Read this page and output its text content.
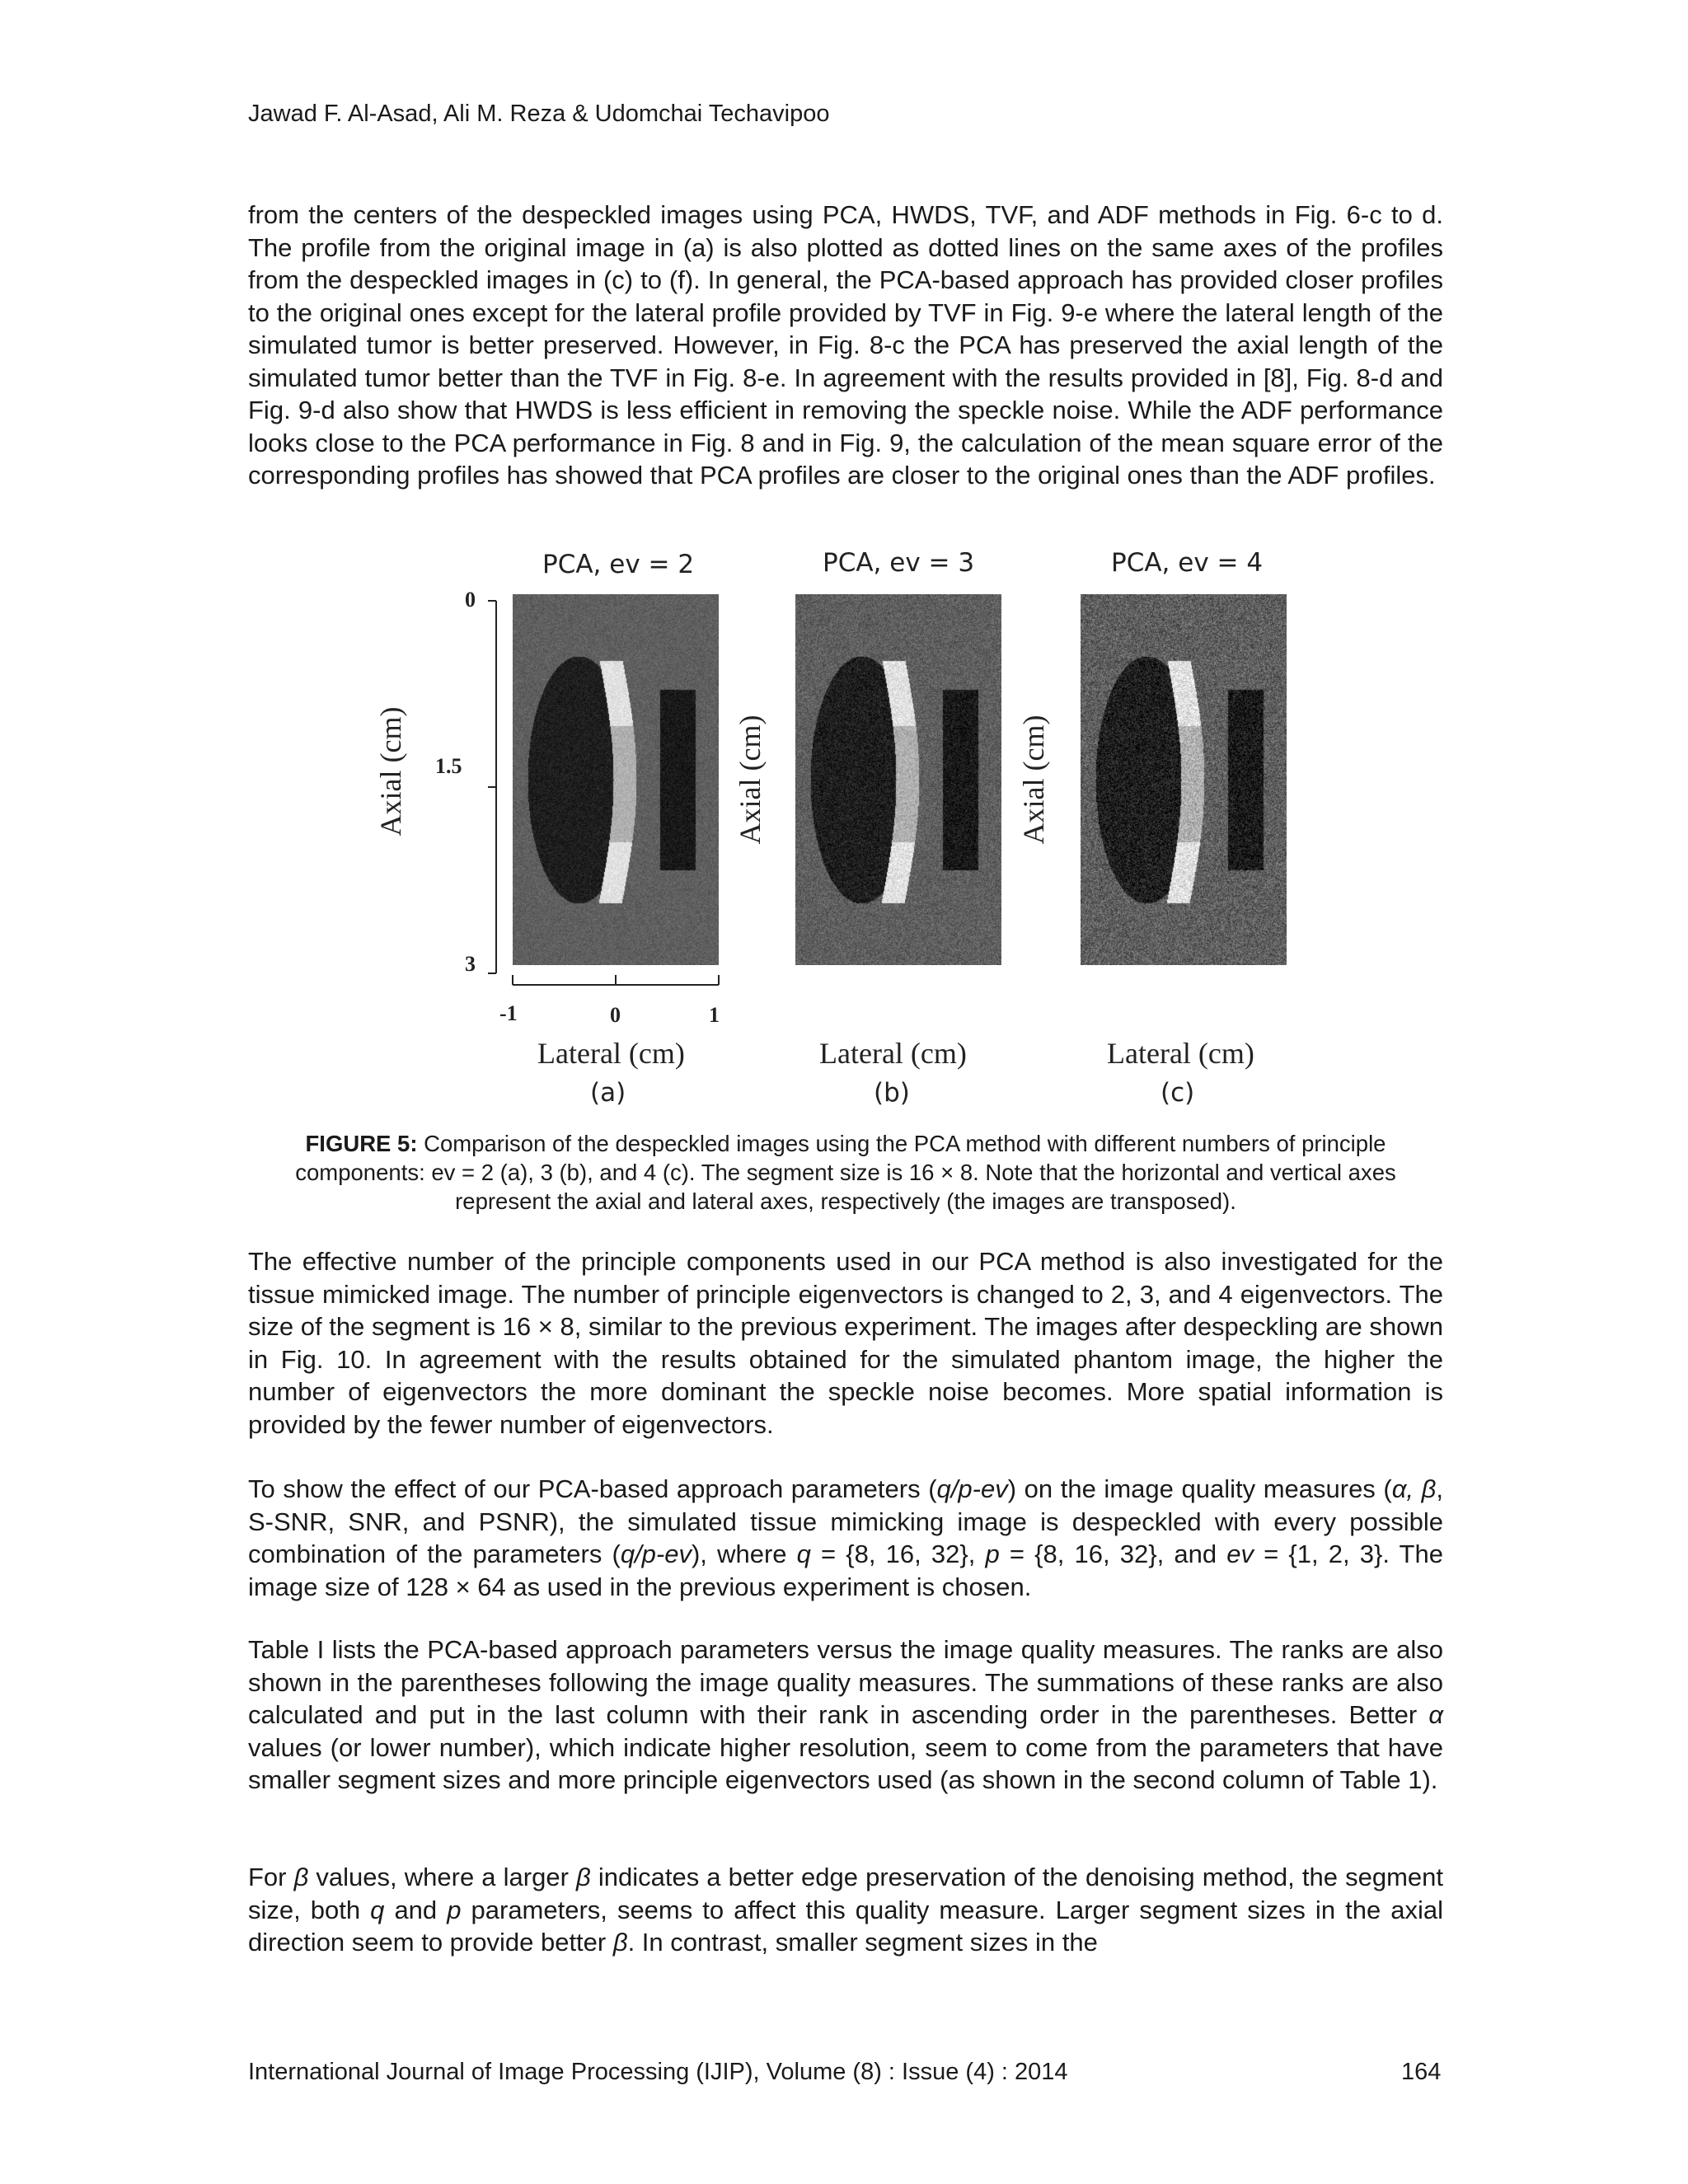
Jawad F. Al-Asad, Ali M. Reza & Udomchai Techavipoo

from the centers of the despeckled images using PCA, HWDS, TVF, and ADF methods in Fig. 6-c to d. The profile from the original image in (a) is also plotted as dotted lines on the same axes of the profiles from the despeckled images in (c) to (f). In general, the PCA-based approach has provided closer profiles to the original ones except for the lateral profile provided by TVF in Fig. 9-e where the lateral length of the simulated tumor is better preserved. However, in Fig. 8-c the PCA has preserved the axial length of the simulated tumor better than the TVF in Fig. 8-e. In agreement with the results provided in [8], Fig. 8-d and Fig. 9-d also show that HWDS is less efficient in removing the speckle noise. While the ADF performance looks close to the PCA performance in Fig. 8 and in Fig. 9, the calculation of the mean square error of the corresponding profiles has showed that PCA profiles are closer to the original ones than the ADF profiles.

PCA, ev = 2
Axial (cm)
0
1.5
3
-1	0	1
Lateral (cm)
(a)
PCA, ev = 3
Axial (cm)
Lateral (cm)
(b)
PCA, ev = 4
Axial (cm)
Lateral (cm)
(c)

FIGURE 5: Comparison of the despeckled images using the PCA method with different numbers of principle components: ev = 2 (a), 3 (b), and 4 (c). The segment size is 16 × 8. Note that the horizontal and vertical axes represent the axial and lateral axes, respectively (the images are transposed).

The effective number of the principle components used in our PCA method is also investigated for the tissue mimicked image. The number of principle eigenvectors is changed to 2, 3, and 4 eigenvectors. The size of the segment is 16 × 8, similar to the previous experiment. The images after despeckling are shown in Fig. 10. In agreement with the results obtained for the simulated phantom image, the higher the number of eigenvectors the more dominant the speckle noise becomes. More spatial information is provided by the fewer number of eigenvectors.

To show the effect of our PCA-based approach parameters (q/p-ev) on the image quality measures (α, β, S-SNR, SNR, and PSNR), the simulated tissue mimicking image is despeckled with every possible combination of the parameters (q/p-ev), where q = {8, 16, 32}, p = {8, 16, 32}, and ev = {1, 2, 3}. The image size of 128 × 64 as used in the previous experiment is chosen.

Table I lists the PCA-based approach parameters versus the image quality measures. The ranks are also shown in the parentheses following the image quality measures. The summations of these ranks are also calculated and put in the last column with their rank in ascending order in the parentheses. Better α values (or lower number), which indicate higher resolution, seem to come from the parameters that have smaller segment sizes and more principle eigenvectors used (as shown in the second column of Table 1).

For β values, where a larger β indicates a better edge preservation of the denoising method, the segment size, both q and p parameters, seems to affect this quality measure. Larger segment sizes in the axial direction seem to provide better β. In contrast, smaller segment sizes in the

International Journal of Image Processing (IJIP), Volume (8) : Issue (4) : 2014	164
